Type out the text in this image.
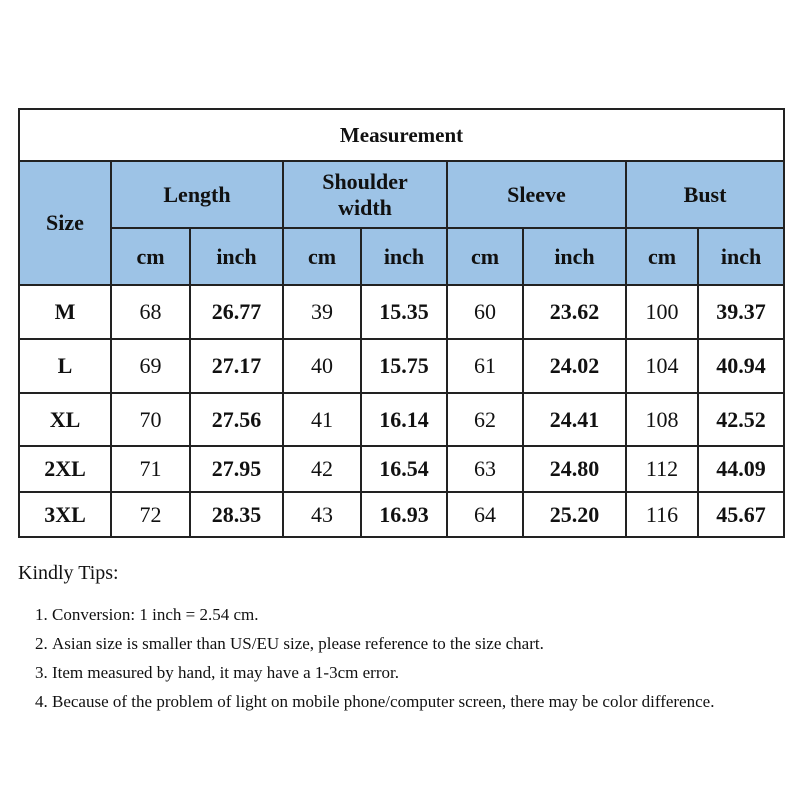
Measurement								
Size	Length		Shoulder width		Sleeve		Bust	
	cm	inch	cm	inch	cm	inch	cm	inch
M	68	26.77	39	15.35	60	23.62	100	39.37
L	69	27.17	40	15.75	61	24.02	104	40.94
XL	70	27.56	41	16.14	62	24.41	108	42.52
2XL	71	27.95	42	16.54	63	24.80	112	44.09
3XL	72	28.35	43	16.93	64	25.20	116	45.67
Kindly Tips:
1. Conversion: 1 inch = 2.54 cm.
2. Asian size is smaller than US/EU size, please reference to the size chart.
3. Item measured by hand, it may have a 1-3cm error.
4. Because of the problem of light on mobile phone/computer screen, there may be color difference.
